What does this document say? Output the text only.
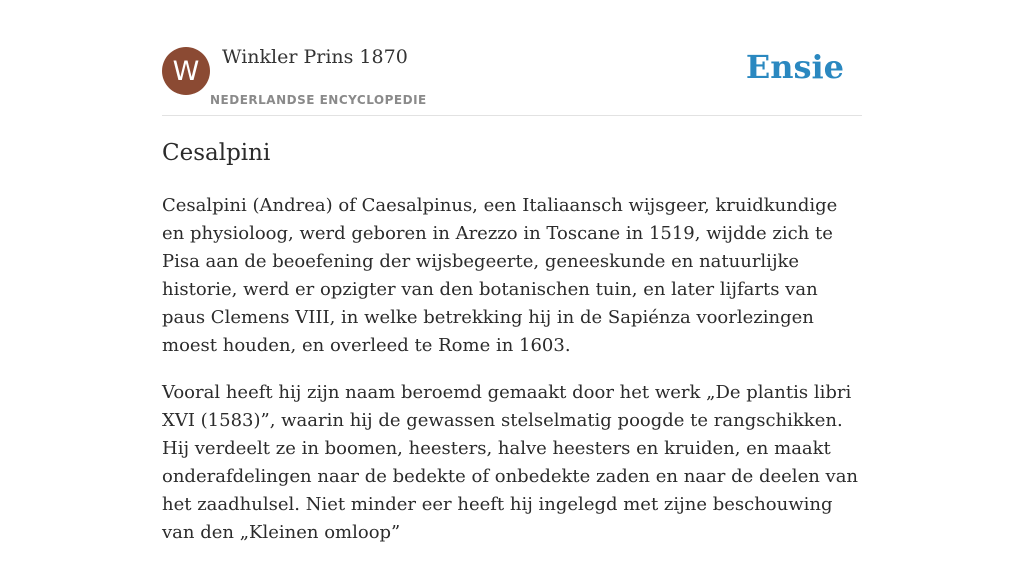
W	Winkler Prins 1870
NEDERLANDSE ENCYCLOPEDIE
Ensie
Cesalpini

Cesalpini (Andrea) of Caesalpinus, een Italiaansch wijsgeer, kruidkundige en physioloog, werd geboren in Arezzo in Toscane in 1519, wijdde zich te Pisa aan de beoefening der wijsbegeerte, geneeskunde en natuurlijke historie, werd er opzigter van den botanischen tuin, en later lijfarts van paus Clemens VIII, in welke betrekking hij in de Sapiénza voorlezingen moest houden, en overleed te Rome in 1603.

Vooral heeft hij zijn naam beroemd gemaakt door het werk „De plantis libri XVI (1583)”, waarin hij de gewassen stelselmatig poogde te rangschikken. Hij verdeelt ze in boomen, heesters, halve heesters en kruiden, en maakt onderafdelingen naar de bedekte of onbedekte zaden en naar de deelen van het zaadhulsel. Niet minder eer heeft hij ingelegd met zijne beschouwing van den „Kleinen omloop”
